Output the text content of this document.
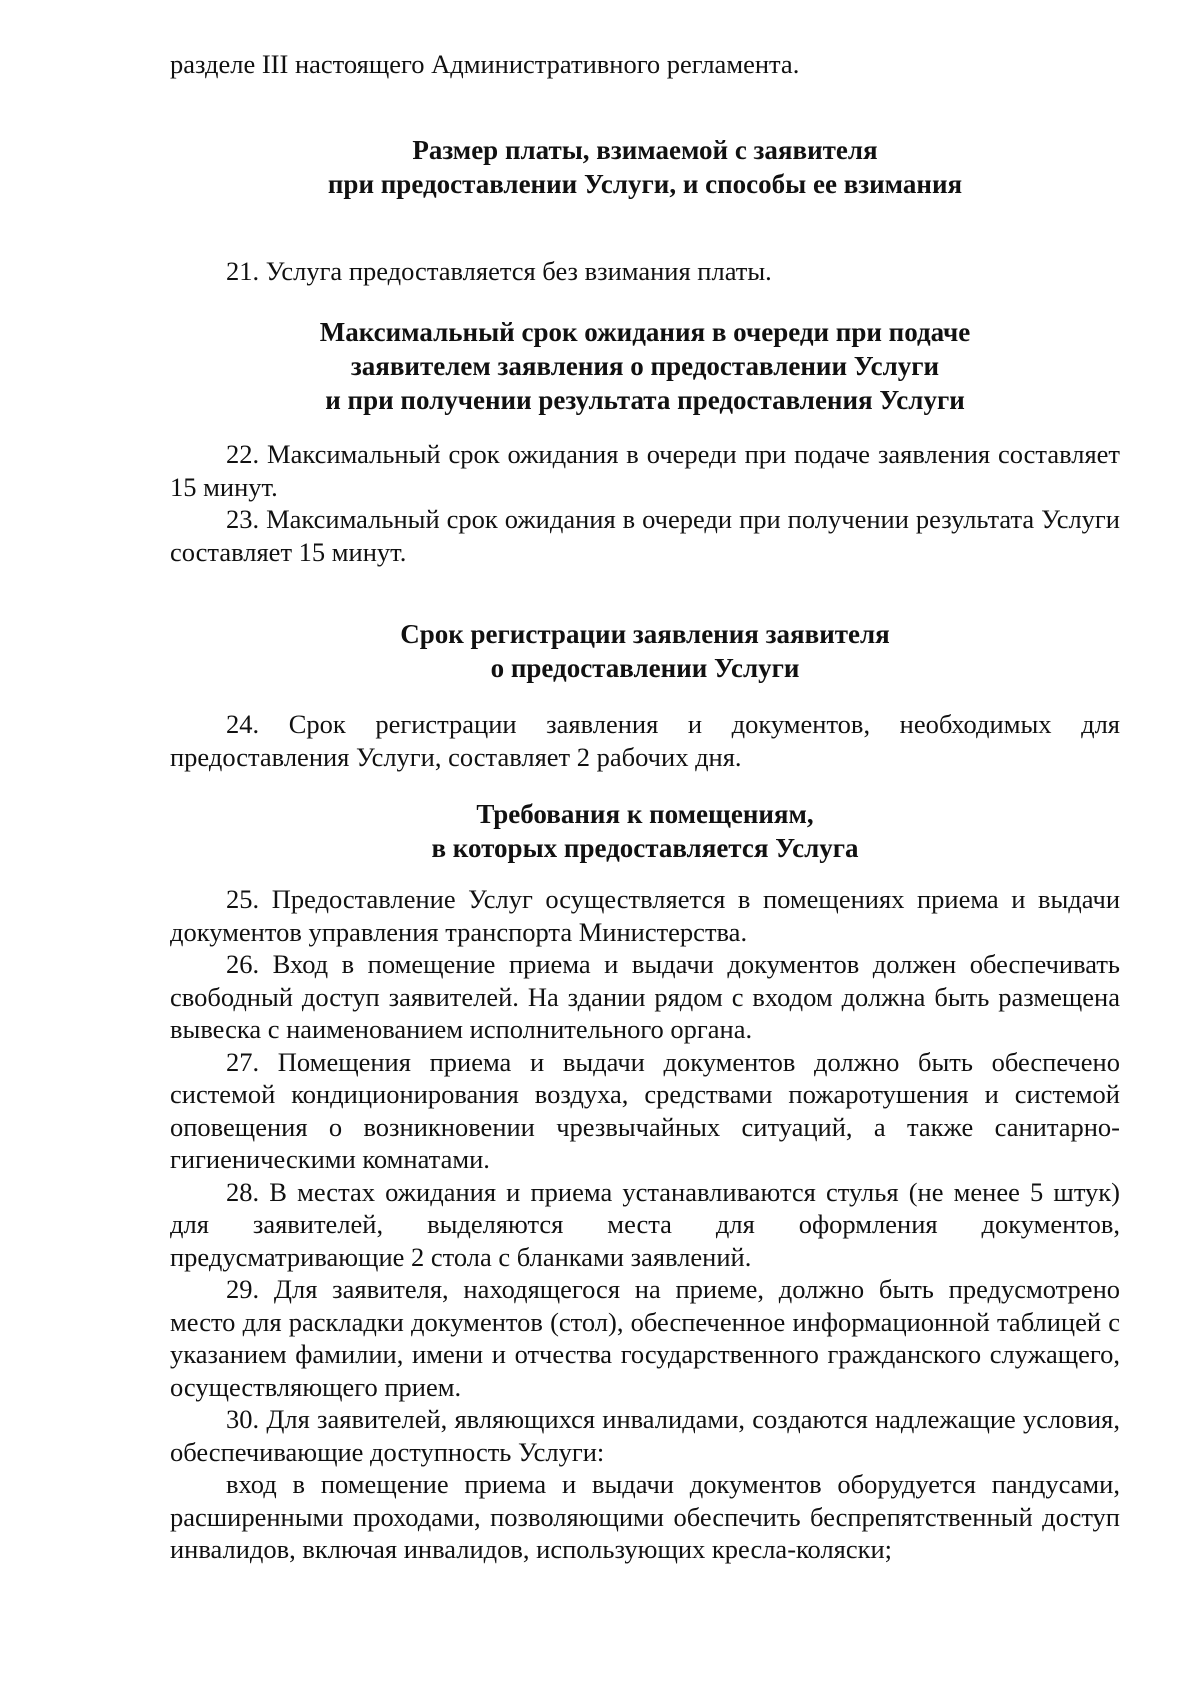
разделе III настоящего Административного регламента.

Размер платы, взимаемой с заявителя
при предоставлении Услуги, и способы ее взимания

21. Услуга предоставляется без взимания платы.

Максимальный срок ожидания в очереди при подаче
заявителем заявления о предоставлении Услуги
и при получении результата предоставления Услуги

22. Максимальный срок ожидания в очереди при подаче заявления составляет 15 минут.

23. Максимальный срок ожидания в очереди при получении результата Услуги составляет 15 минут.

Срок регистрации заявления заявителя
о предоставлении Услуги

24. Срок регистрации заявления и документов, необходимых для предоставления Услуги, составляет 2 рабочих дня.

Требования к помещениям,
в которых предоставляется Услуга

25. Предоставление Услуг осуществляется в помещениях приема и выдачи документов управления транспорта Министерства.

26. Вход в помещение приема и выдачи документов должен обеспечивать свободный доступ заявителей. На здании рядом с входом должна быть размещена вывеска с наименованием исполнительного органа.

27. Помещения приема и выдачи документов должно быть обеспечено системой кондиционирования воздуха, средствами пожаротушения и системой оповещения о возникновении чрезвычайных ситуаций, а также санитарно-гигиеническими комнатами.

28. В местах ожидания и приема устанавливаются стулья (не менее 5 штук) для заявителей, выделяются места для оформления документов, предусматривающие 2 стола с бланками заявлений.

29. Для заявителя, находящегося на приеме, должно быть предусмотрено место для раскладки документов (стол), обеспеченное информационной таблицей с указанием фамилии, имени и отчества государственного гражданского служащего, осуществляющего прием.

30. Для заявителей, являющихся инвалидами, создаются надлежащие условия, обеспечивающие доступность Услуги:

вход в помещение приема и выдачи документов оборудуется пандусами, расширенными проходами, позволяющими обеспечить беспрепятственный доступ инвалидов, включая инвалидов, использующих кресла-коляски;
